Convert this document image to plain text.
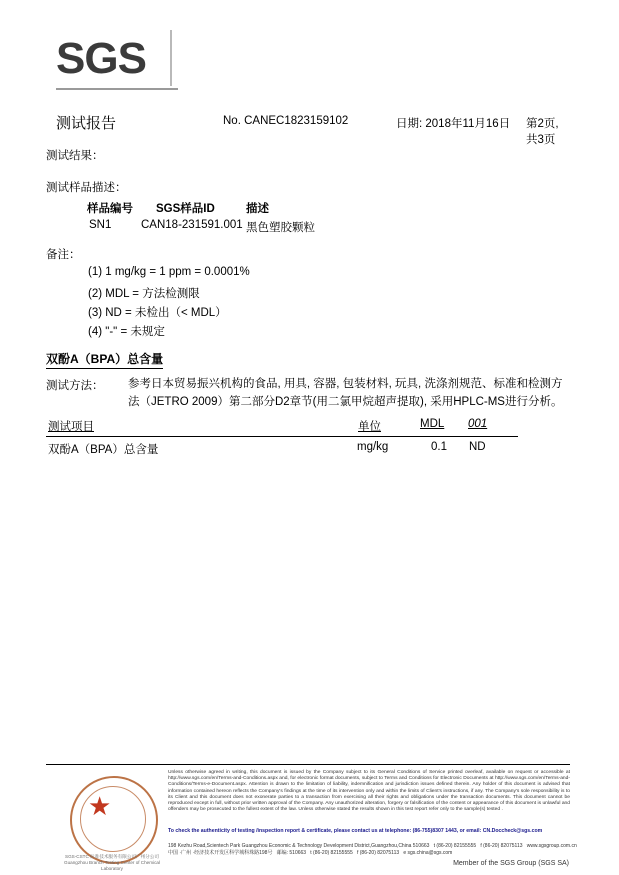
SGS
测试报告	No. CANEC1823159102	日期: 2018年11月16日 第2页,共3页
测试结果：
测试样品描述：
样品编号 SGS样品ID	描述
SN1	CAN18-231591.001 黑色塑胶颗粒
备注：
(1) 1 mg/kg = 1 ppm = 0.0001%
(2) MDL = 方法检测限
(3) ND = 未检出（< MDL）
(4) "-" = 未规定
双酚A（BPA）总含量
测试方法： 参考日本贸易振兴机构的食品, 用具, 容器, 包装材料, 玩具, 洗涤剂规范、标准和检测方
法（JETRO 2009）第二部分D2章节(用二氯甲烷超声提取), 采用HPLC-MS进行分析。
测试项目	单位	MDL 001
双酚A（BPA）总含量	mg/kg	0.1 ND
SGS-CSTC 标准技术服务有限公司广州分公司 Guangzhou Branch Testing Center of Chemical Laboratory
Unless otherwise agreed in writing, this document is issued by the Company subject to its General Conditions of Service printed overleaf, available on request or accessible at http://www.sgs.com/en/Terms-and-Conditions.aspx and, for electronic format documents, subject to Terms and Conditions for Electronic Documents at http://www.sgs.com/en/Terms-and-Conditions/Terms-e-Document.aspx. Attention is drawn to the limitation of liability, indemnification and jurisdiction issues defined therein. Any holder of this document is advised that information contained hereon reflects the Company's findings at the time of its intervention only and within the limits of Client's instructions, if any. The Company's sole responsibility is to its Client and this document does not exonerate parties to a transaction from exercising all their rights and obligations under the transaction documents. This document cannot be reproduced except in full, without prior written approval of the Company. Any unauthorized alteration, forgery or falsification of the content or appearance of this document is unlawful and offenders may be prosecuted to the fullest extent of the law. Unless otherwise stated the results shown in this test report refer only to the sample(s) tested .
To check the authenticity of testing /inspection report & certificate, please contact us at telephone: (86-755)8307 1443, or email: CN.Doccheck@sgs.com
198 Kezhu Road,Scientech Park Guangzhou Economic & Technology Development District,Guangzhou,China 510663 t (86-20) 82155555 f (86-20) 82075113 www.sgsgroup.com.cn
中国 ·广州 ·经济技术开发区科学城科珠路198号 邮编: 510663 t (86-20) 82155555 f (86-20) 82075113 e sgs.china@sgs.com
Member of the SGS Group (SGS SA)
